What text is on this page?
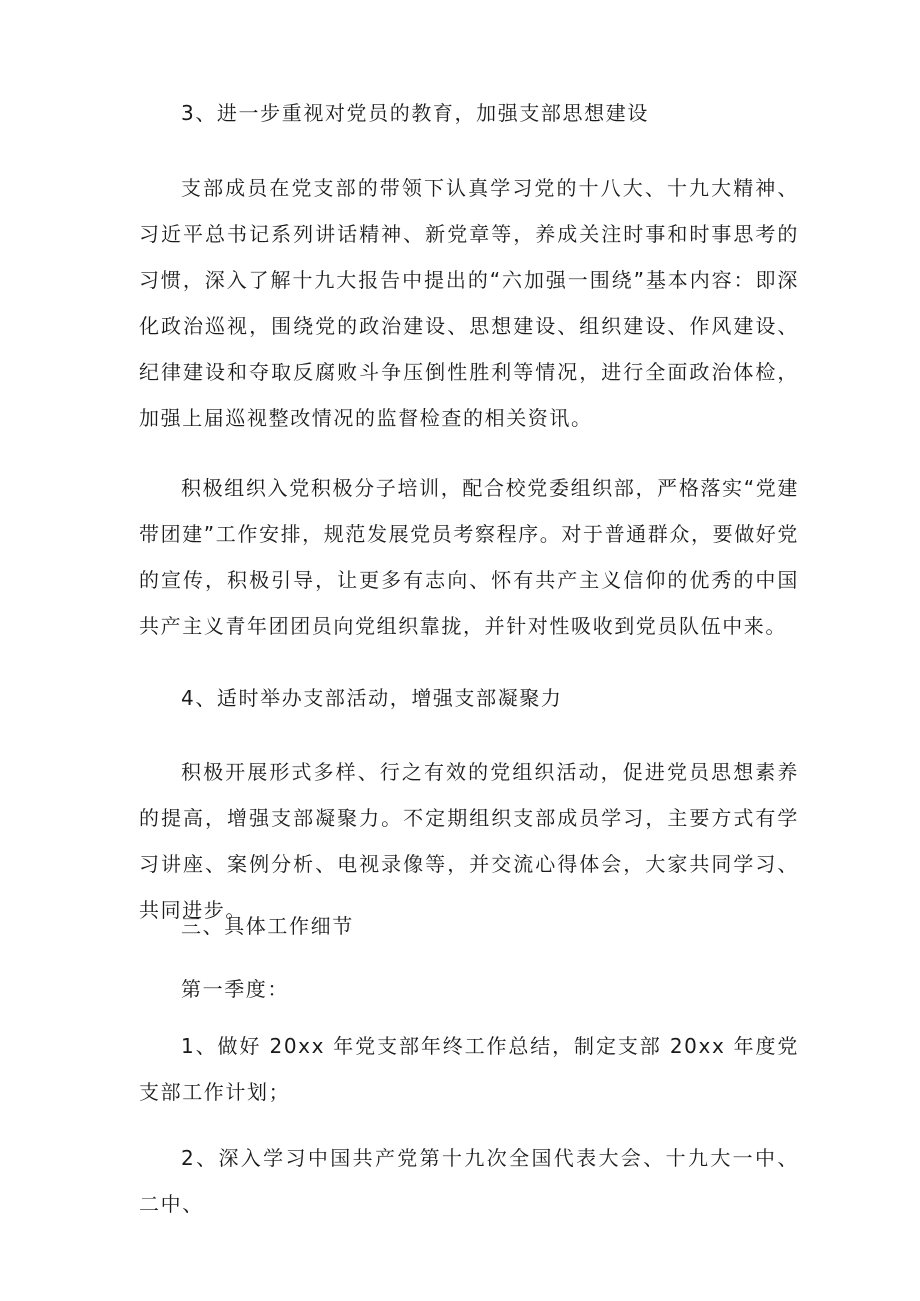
3、进一步重视对党员的教育，加强支部思想建设

支部成员在党支部的带领下认真学习党的十八大、十九大精神、习近平总书记系列讲话精神、新党章等，养成关注时事和时事思考的习惯，深入了解十九大报告中提出的“六加强一围绕”基本内容：即深化政治巡视，围绕党的政治建设、思想建设、组织建设、作风建设、纪律建设和夺取反腐败斗争压倒性胜利等情况，进行全面政治体检，加强上届巡视整改情况的监督检查的相关资讯。

积极组织入党积极分子培训，配合校党委组织部，严格落实“党建带团建”工作安排，规范发展党员考察程序。对于普通群众，要做好党的宣传，积极引导，让更多有志向、怀有共产主义信仰的优秀的中国共产主义青年团团员向党组织靠拢，并针对性吸收到党员队伍中来。

4、适时举办支部活动，增强支部凝聚力

积极开展形式多样、行之有效的党组织活动，促进党员思想素养的提高，增强支部凝聚力。不定期组织支部成员学习，主要方式有学习讲座、案例分析、电视录像等，并交流心得体会，大家共同学习、共同进步。

三、具体工作细节

第一季度：

1、做好 20xx 年党支部年终工作总结，制定支部 20xx 年度党支部工作计划；

2、深入学习中国共产党第十九次全国代表大会、十九大一中、二中、
